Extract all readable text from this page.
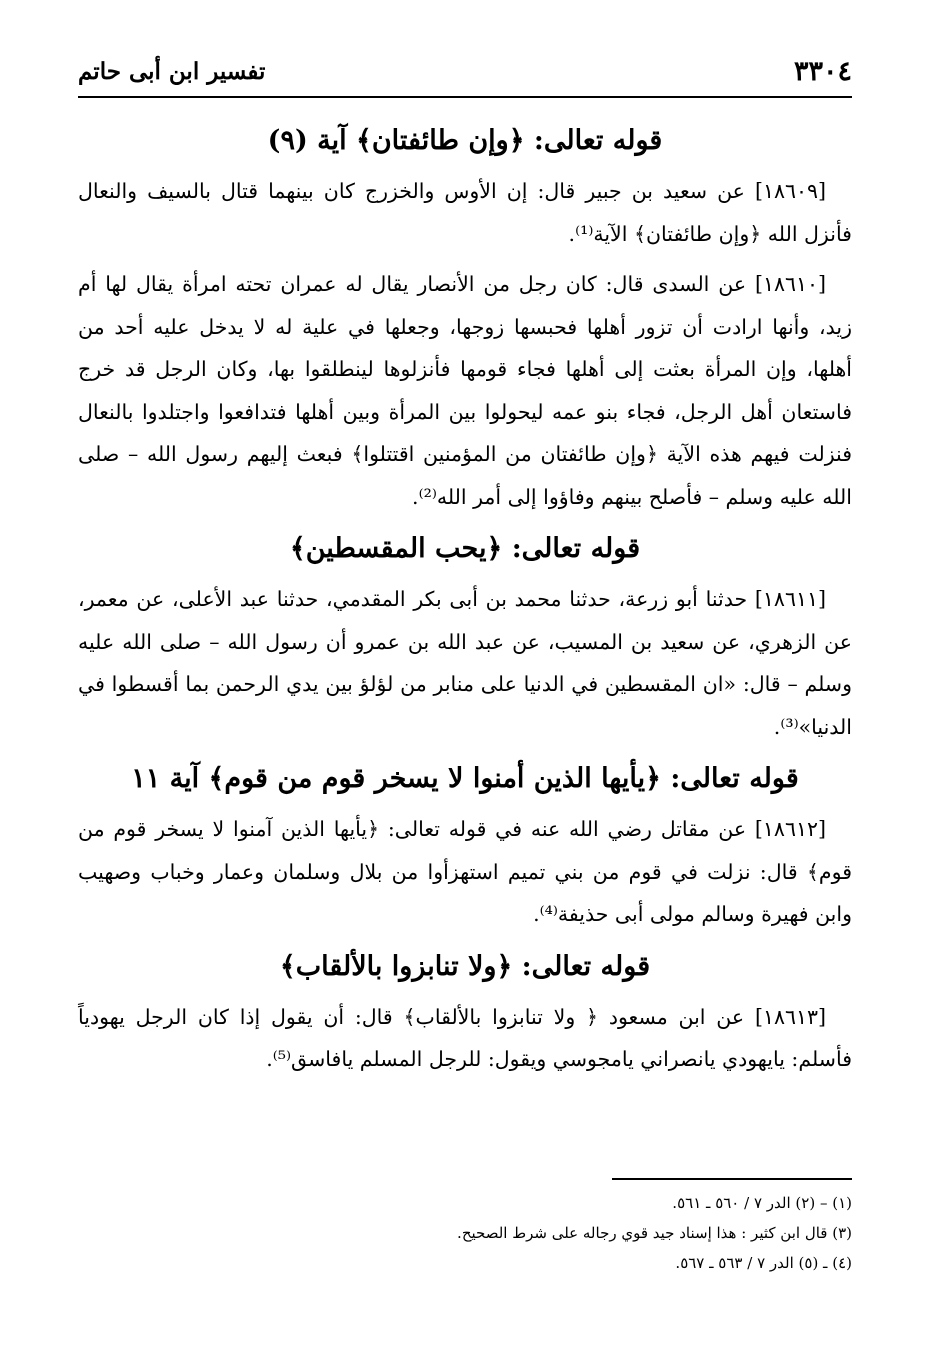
٣٣٠٤
تفسير ابن أبى حاتم
قوله تعالى: ﴿وإن طائفتان﴾ آية (٩)

[١٨٦٠٩] عن سعيد بن جبير قال: إن الأوس والخزرج كان بينهما قتال بالسيف والنعال فأنزل الله ﴿وإن طائفتان﴾ الآية⁽¹⁾.

[١٨٦١٠] عن السدى قال: كان رجل من الأنصار يقال له عمران تحته امرأة يقال لها أم زيد، وأنها ارادت أن تزور أهلها فحبسها زوجها، وجعلها في علية له لا يدخل عليه أحد من أهلها، وإن المرأة بعثت إلى أهلها فجاء قومها فأنزلوها لينطلقوا بها، وكان الرجل قد خرج فاستعان أهل الرجل، فجاء بنو عمه ليحولوا بين المرأة وبين أهلها فتدافعوا واجتلدوا بالنعال فنزلت فيهم هذه الآية ﴿وإن طائفتان من المؤمنين اقتتلوا﴾ فبعث إليهم رسول الله – صلى الله عليه وسلم – فأصلح بينهم وفاؤوا إلى أمر الله⁽²⁾.

قوله تعالى: ﴿يحب المقسطين﴾

[١٨٦١١] حدثنا أبو زرعة، حدثنا محمد بن أبى بكر المقدمي، حدثنا عبد الأعلى، عن معمر، عن الزهري، عن سعيد بن المسيب، عن عبد الله بن عمرو أن رسول الله – صلى الله عليه وسلم – قال: «ان المقسطين في الدنيا على منابر من لؤلؤ بين يدي الرحمن بما أقسطوا في الدنيا»⁽³⁾.

قوله تعالى: ﴿يأيها الذين أمنوا لا يسخر قوم من قوم﴾ آية ١١

[١٨٦١٢] عن مقاتل رضي الله عنه في قوله تعالى: ﴿يأيها الذين آمنوا لا يسخر قوم من قوم﴾ قال: نزلت في قوم من بني تميم استهزأوا من بلال وسلمان وعمار وخباب وصهيب وابن فهيرة وسالم مولى أبى حذيفة⁽⁴⁾.

قوله تعالى: ﴿ولا تنابزوا بالألقاب﴾

[١٨٦١٣] عن ابن مسعود ﴿ ولا تنابزوا بالألقاب﴾ قال: أن يقول إذا كان الرجل يهودياً فأسلم: يايهودي يانصراني يامجوسي ويقول: للرجل المسلم يافاسق⁽⁵⁾.

(١) – (٢) الدر ٧ / ٥٦٠ ـ ٥٦١.
(٣) قال ابن كثير : هذا إسناد جيد قوي رجاله على شرط الصحيح.
(٤) ـ (٥) الدر ٧ / ٥٦٣ ـ ٥٦٧.
